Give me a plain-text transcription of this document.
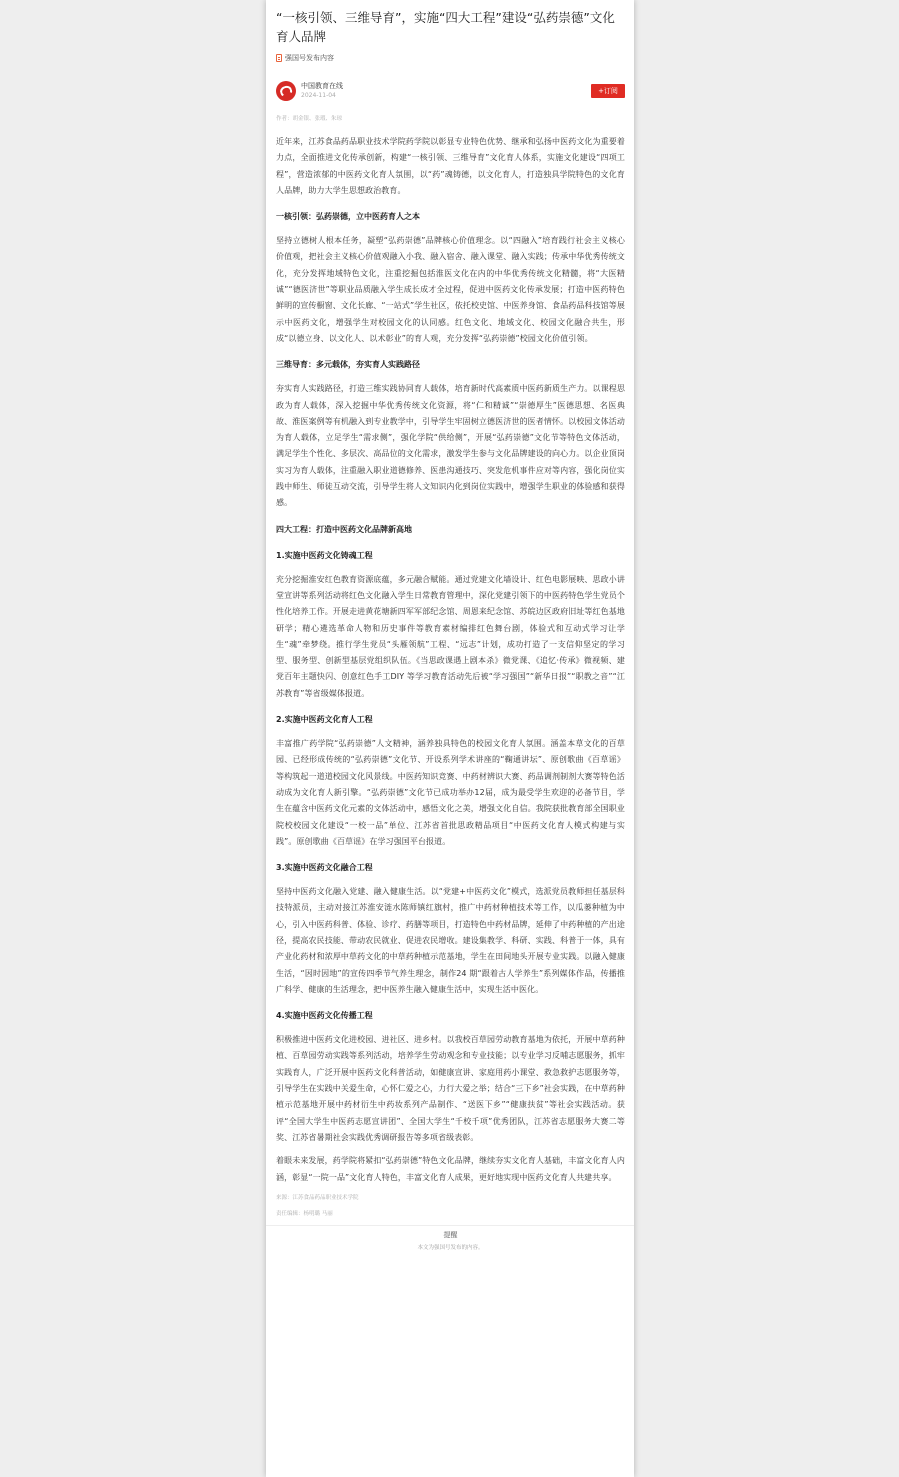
“一核引领、三维导育”，实施“四大工程”建设“弘药崇德”文化育人品牌
强国号发布内容
中国教育在线
2024-11-04
+订阅
作者：胡金银、张瑕、朱琼

近年来，江苏食品药品职业技术学院药学院以彰显专业特色优势、继承和弘扬中医药文化为重要着力点，全面推进文化传承创新，构建“一核引领、三维导育”文化育人体系，实施文化建设“四项工程”，营造浓郁的中医药文化育人氛围，以“药”魂铸德，以文化育人，打造独具学院特色的文化育人品牌，助力大学生思想政治教育。

一核引领：弘药崇德，立中医药育人之本

坚持立德树人根本任务，凝塑“弘药崇德”品牌核心价值理念。以“四融入”培育践行社会主义核心价值观，把社会主义核心价值观融入小我、融入宿舍、融入课堂、融入实践；传承中华优秀传统文化，充分发挥地域特色文化，注重挖掘包括淮医文化在内的中华优秀传统文化精髓，将“大医精诚”“德医济世”等职业品质融入学生成长成才全过程，促进中医药文化传承发展；打造中医药特色鲜明的宣传橱窗、文化长廊、“一站式”学生社区，依托校史馆、中医养身馆、食品药品科技馆等展示中医药文化，增强学生对校园文化的认同感。红色文化、地域文化、校园文化融合共生，形成“以德立身、以文化人、以术彰业”的育人观，充分发挥“弘药崇德”校园文化价值引领。

三维导育：多元载体，夯实育人实践路径

夯实育人实践路径，打造三维实践协同育人载体，培育新时代高素质中医药新质生产力。以课程思政为育人载体，深入挖掘中华优秀传统文化资源，将“仁和精诚”“崇德厚生”医德思想、名医典故、淮医案例等有机融入到专业教学中，引导学生牢固树立德医济世的医者情怀。以校园文体活动为育人载体，立足学生“需求侧”，强化学院“供给侧”，开展“弘药崇德”文化节等特色文体活动，满足学生个性化、多层次、高品位的文化需求，激发学生参与文化品牌建设的向心力。以企业顶岗实习为育人载体，注重融入职业道德修养、医患沟通技巧、突发危机事件应对等内容，强化岗位实践中师生、师徒互动交流，引导学生将人文知识内化到岗位实践中，增强学生职业的体验感和获得感。

四大工程：打造中医药文化品牌新高地
1.实施中医药文化铸魂工程

充分挖掘淮安红色教育资源底蕴，多元融合赋能。通过党建文化墙设计、红色电影展映、思政小讲堂宣讲等系列活动将红色文化融入学生日常教育管理中，深化党建引领下的中医药特色学生党员个性化培养工作。开展走进黄花塘新四军军部纪念馆、周恩来纪念馆、苏皖边区政府旧址等红色基地研学；精心遴选革命人物和历史事件等教育素材编排红色舞台剧，体验式和互动式学习让学生“魂”牵梦绕。推行学生党员“头雁领航”工程、“远志”计划，成功打造了一支信仰坚定的学习型、服务型、创新型基层党组织队伍。《当思政课遇上剧本杀》微党课、《追忆·传承》微视频、建党百年主题快闪、创意红色手工DIY 等学习教育活动先后被“学习强国”“新华日报”“职教之音”“江苏教育”等省级媒体报道。

2.实施中医药文化育人工程

丰富推广药学院“弘药崇德”人文精神，涵养独具特色的校园文化育人氛围。涵盖本草文化的百草园、已经形成传统的“弘药崇德”文化节、开设系列学术讲座的“鞠通讲坛”、原创歌曲《百草谣》等构筑起一道道校园文化风景线。中医药知识竞赛、中药材辨识大赛、药品调剂制剂大赛等特色活动成为文化育人新引擎。“弘药崇德”文化节已成功举办12届，成为最受学生欢迎的必备节目，学生在蕴含中医药文化元素的文体活动中，感悟文化之美，增强文化自信。我院获批教育部全国职业院校校园文化建设“一校一品”单位、江苏省首批思政精品项目“中医药文化育人模式构建与实践”。原创歌曲《百草谣》在学习强国平台报道。

3.实施中医药文化融合工程

坚持中医药文化融入党建、融入健康生活。以“党建+中医药文化”模式，选派党员教师担任基层科技特派员，主动对接江苏淮安涟水陈师镇红旗村，推广中药材种植技术等工作，以瓜蒌种植为中心，引入中医药科普、体验、诊疗、药膳等项目，打造特色中药材品牌，延伸了中药种植的产出途径，提高农民技能、带动农民就业、促进农民增收。建设集教学、科研、实践、科普于一体，具有产业化药材和浓厚中草药文化的中草药种植示范基地，学生在田间地头开展专业实践。以融入健康生活，“因时因地”的宣传四季节气养生理念，制作24 期“跟着古人学养生”系列媒体作品，传播推广科学、健康的生活理念，把中医养生融入健康生活中，实现生活中医化。

4.实施中医药文化传播工程

积极推进中医药文化进校园、进社区、进乡村。以我校百草园劳动教育基地为依托，开展中草药种植、百草园劳动实践等系列活动，培养学生劳动观念和专业技能；以专业学习反哺志愿服务，抓牢实践育人，广泛开展中医药文化科普活动，如健康宣讲、家庭用药小课堂、救急救护志愿服务等，引导学生在实践中关爱生命，心怀仁爱之心，力行大爱之举；结合“三下乡”社会实践，在中草药种植示范基地开展中药材衍生中药妆系列产品制作、“送医下乡”“健康扶贫”等社会实践活动。获评“全国大学生中医药志愿宣讲团”、全国大学生“千校千项”优秀团队，江苏省志愿服务大赛二等奖、江苏省暑期社会实践优秀调研报告等多项省级表彰。

着眼未来发展，药学院将紧扣“弘药崇德”特色文化品牌，继续夯实文化育人基础，丰富文化育人内涵，彰显“一院一品”文化育人特色，丰富文化育人成果，更好地实现中医药文化育人共建共享。

来源：江苏食品药品职业技术学院
责任编辑：杨明璐 马丽
提醒
本文为强国号发布的内容。
